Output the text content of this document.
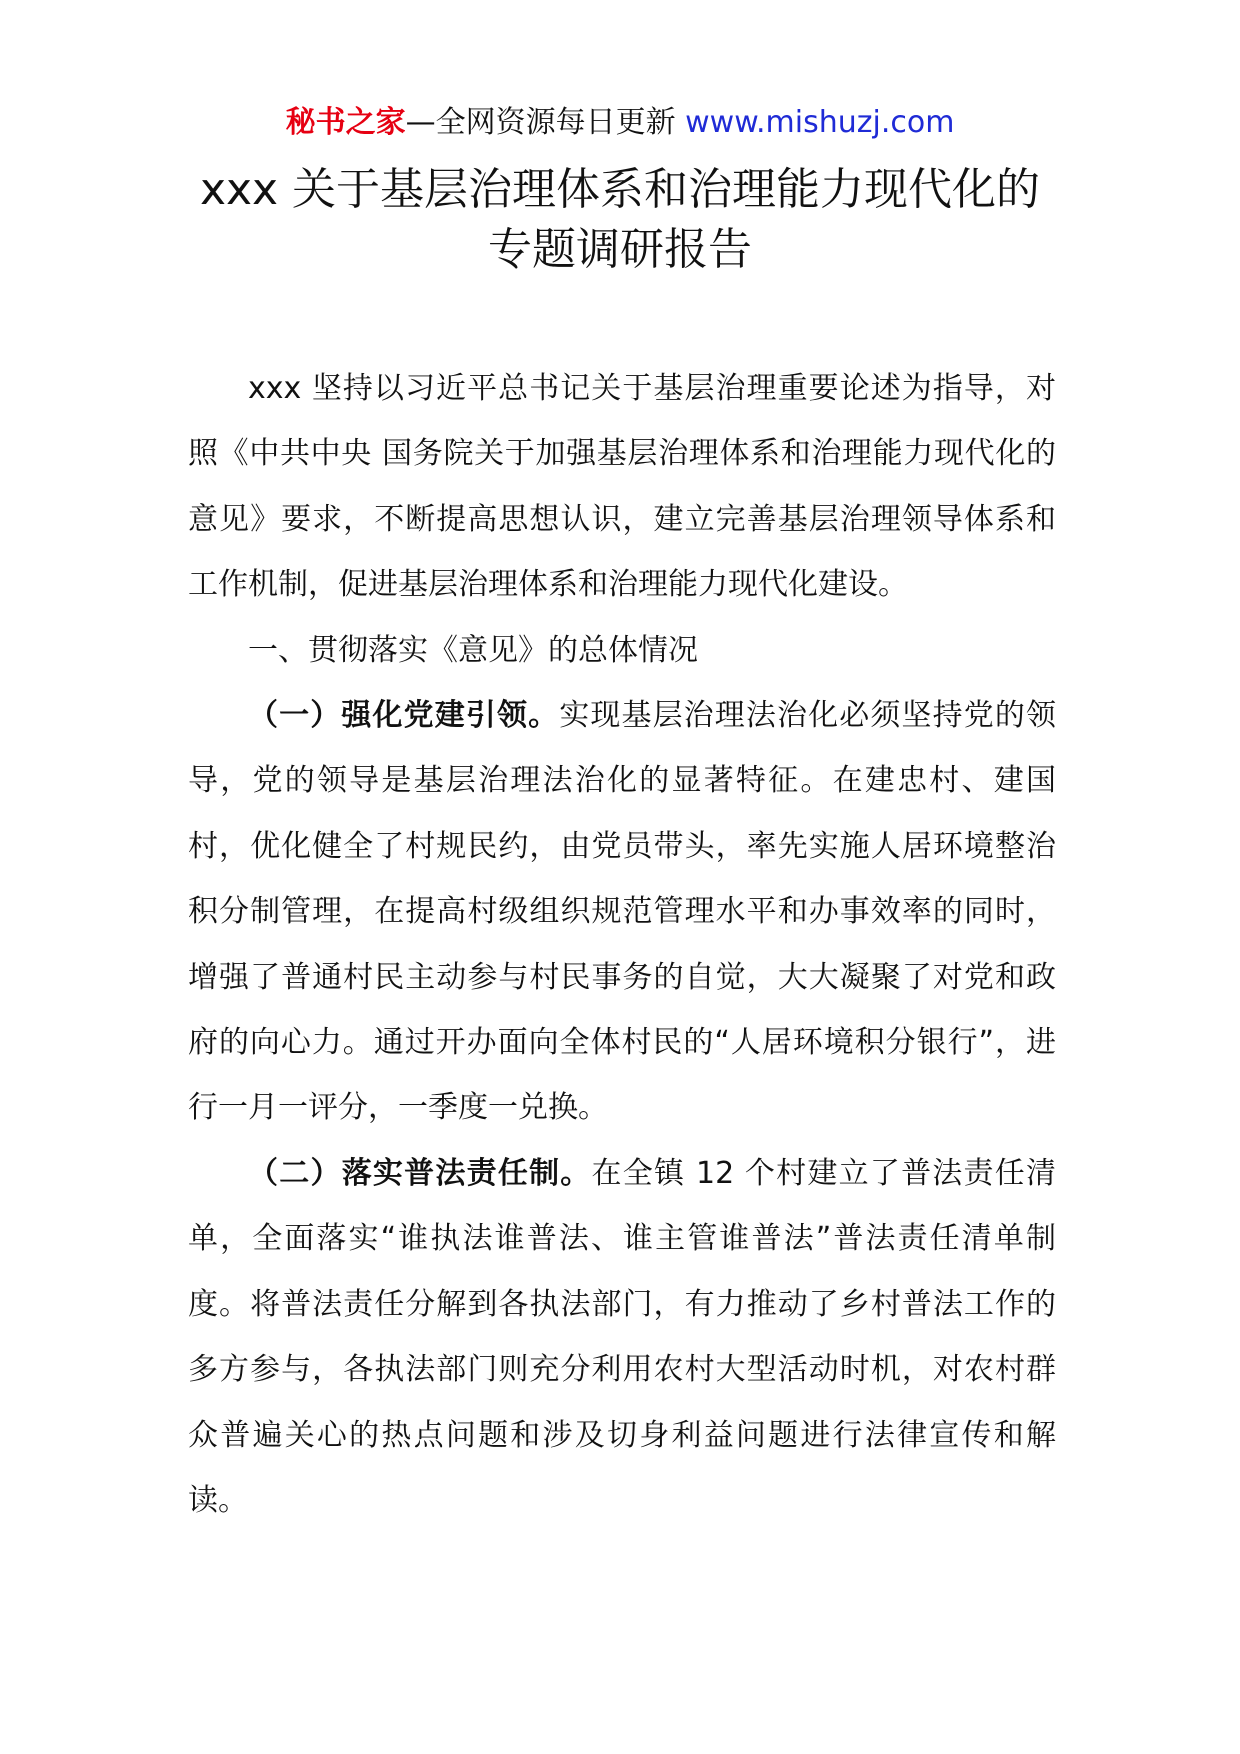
秘书之家—全网资源每日更新 www.mishuzj.com
xxx 关于基层治理体系和治理能力现代化的
专题调研报告

xxx 坚持以习近平总书记关于基层治理重要论述为指导，对照《中共中央 国务院关于加强基层治理体系和治理能力现代化的意见》要求，不断提高思想认识，建立完善基层治理领导体系和工作机制，促进基层治理体系和治理能力现代化建设。

一、贯彻落实《意见》的总体情况

（一）强化党建引领。实现基层治理法治化必须坚持党的领导，党的领导是基层治理法治化的显著特征。在建忠村、建国村，优化健全了村规民约，由党员带头，率先实施人居环境整治积分制管理，在提高村级组织规范管理水平和办事效率的同时，增强了普通村民主动参与村民事务的自觉，大大凝聚了对党和政府的向心力。通过开办面向全体村民的“人居环境积分银行”，进行一月一评分，一季度一兑换。

（二）落实普法责任制。在全镇 12 个村建立了普法责任清单，全面落实“谁执法谁普法、谁主管谁普法”普法责任清单制度。将普法责任分解到各执法部门，有力推动了乡村普法工作的多方参与，各执法部门则充分利用农村大型活动时机，对农村群众普遍关心的热点问题和涉及切身利益问题进行法律宣传和解读。
